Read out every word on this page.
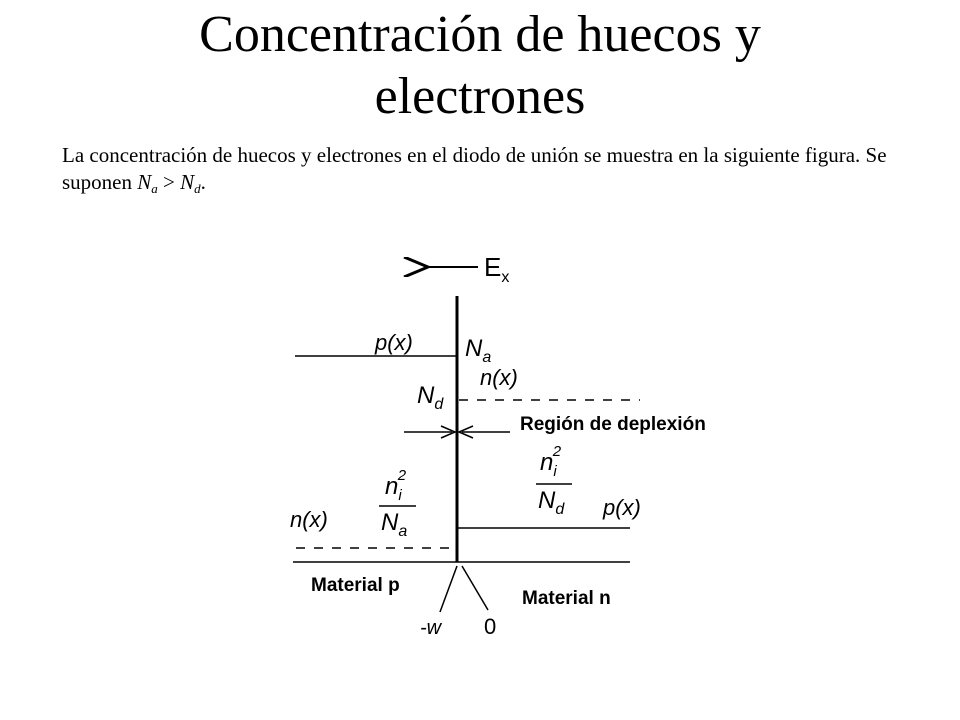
Concentración de huecos y
electrones
La concentración de huecos y electrones en el diodo de unión se muestra en la siguiente figura. Se suponen $N_a > N_d$.
$E_x$
p(x) $N_a$
n(x)
$N_d$
Región de deplexión
$n_i2$
$N_d$ p(x)
$n_i2$
$N_a$
n(x)
Material p
Material n
-w 0
